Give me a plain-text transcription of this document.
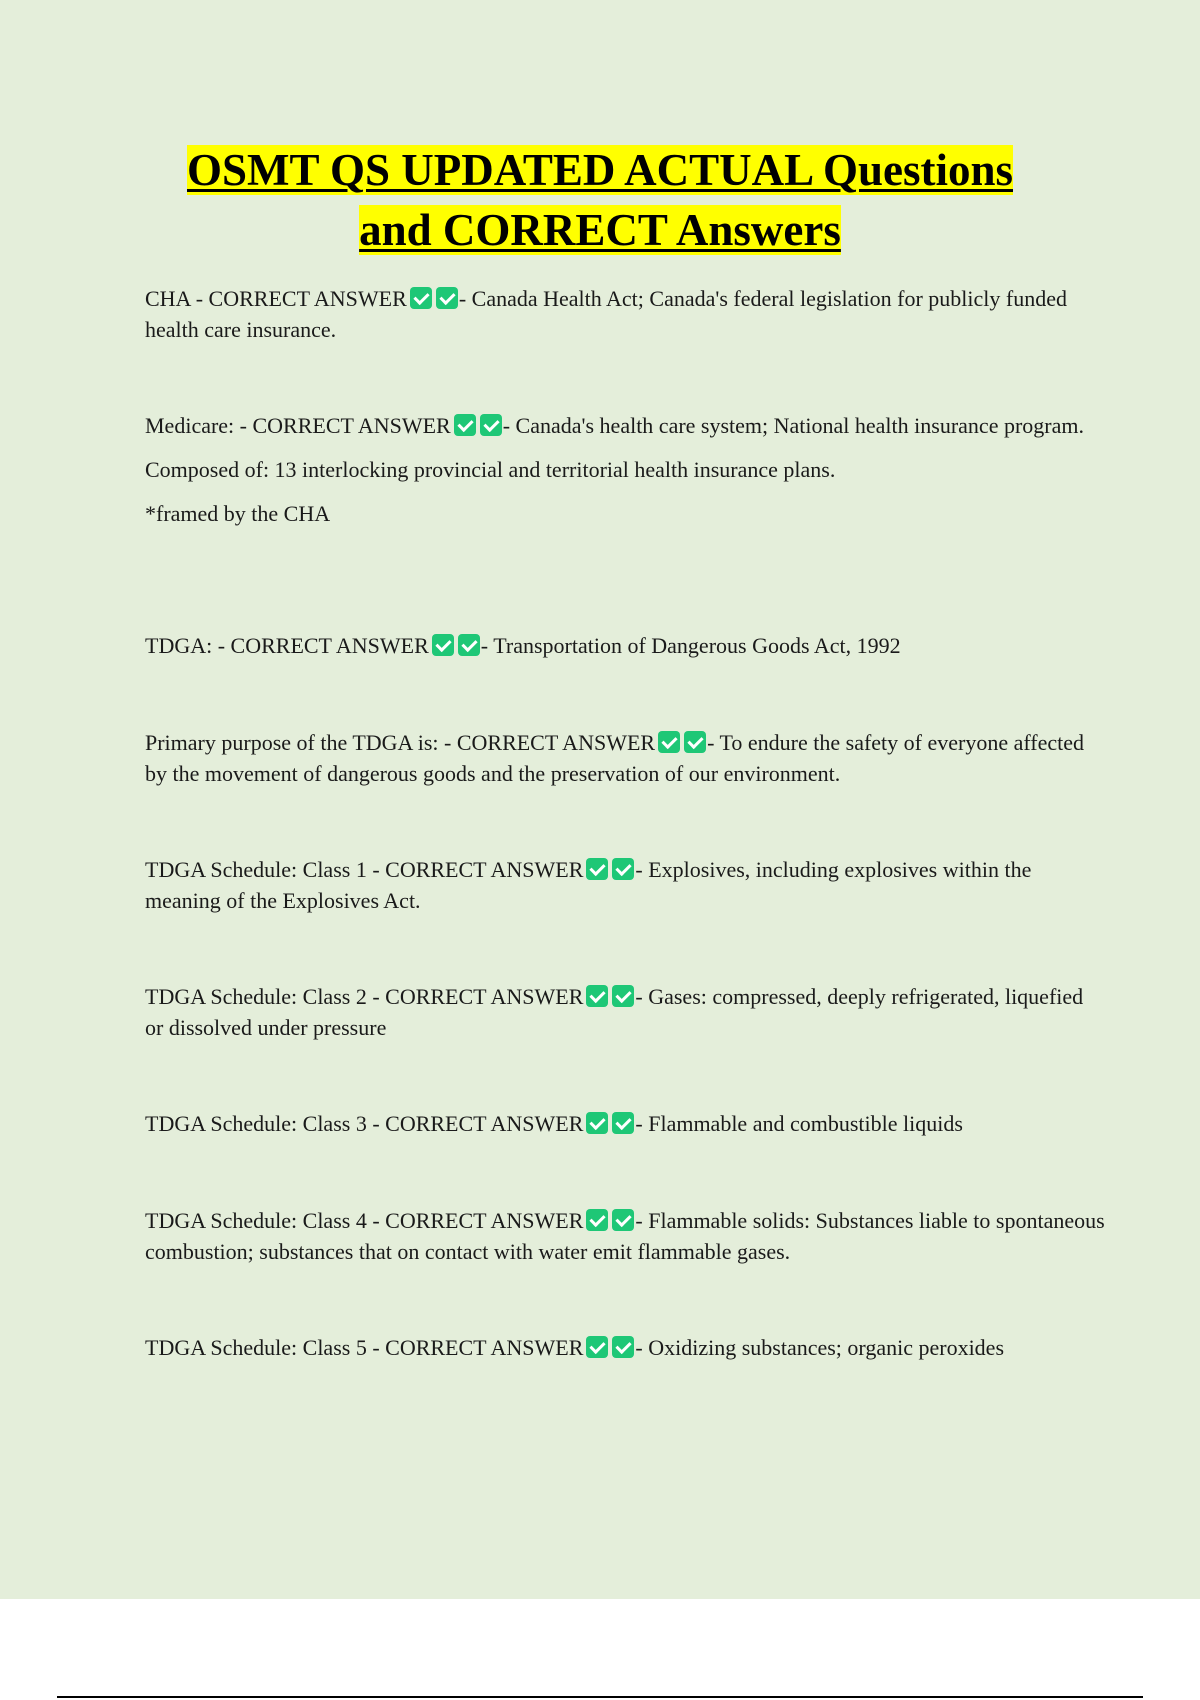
OSMT QS UPDATED ACTUAL Questions
and CORRECT Answers

CHA - CORRECT ANSWER - Canada Health Act; Canada's federal legislation for publicly funded health care insurance.

Medicare: - CORRECT ANSWER - Canada's health care system; National health insurance program.

Composed of: 13 interlocking provincial and territorial health insurance plans.

*framed by the CHA

TDGA: - CORRECT ANSWER - Transportation of Dangerous Goods Act, 1992

Primary purpose of the TDGA is: - CORRECT ANSWER - To endure the safety of everyone affected by the movement of dangerous goods and the preservation of our environment.

TDGA Schedule: Class 1 - CORRECT ANSWER - Explosives, including explosives within the meaning of the Explosives Act.

TDGA Schedule: Class 2 - CORRECT ANSWER - Gases: compressed, deeply refrigerated, liquefied or dissolved under pressure

TDGA Schedule: Class 3 - CORRECT ANSWER - Flammable and combustible liquids

TDGA Schedule: Class 4 - CORRECT ANSWER - Flammable solids: Substances liable to spontaneous combustion; substances that on contact with water emit flammable gases.

TDGA Schedule: Class 5 - CORRECT ANSWER - Oxidizing substances; organic peroxides
